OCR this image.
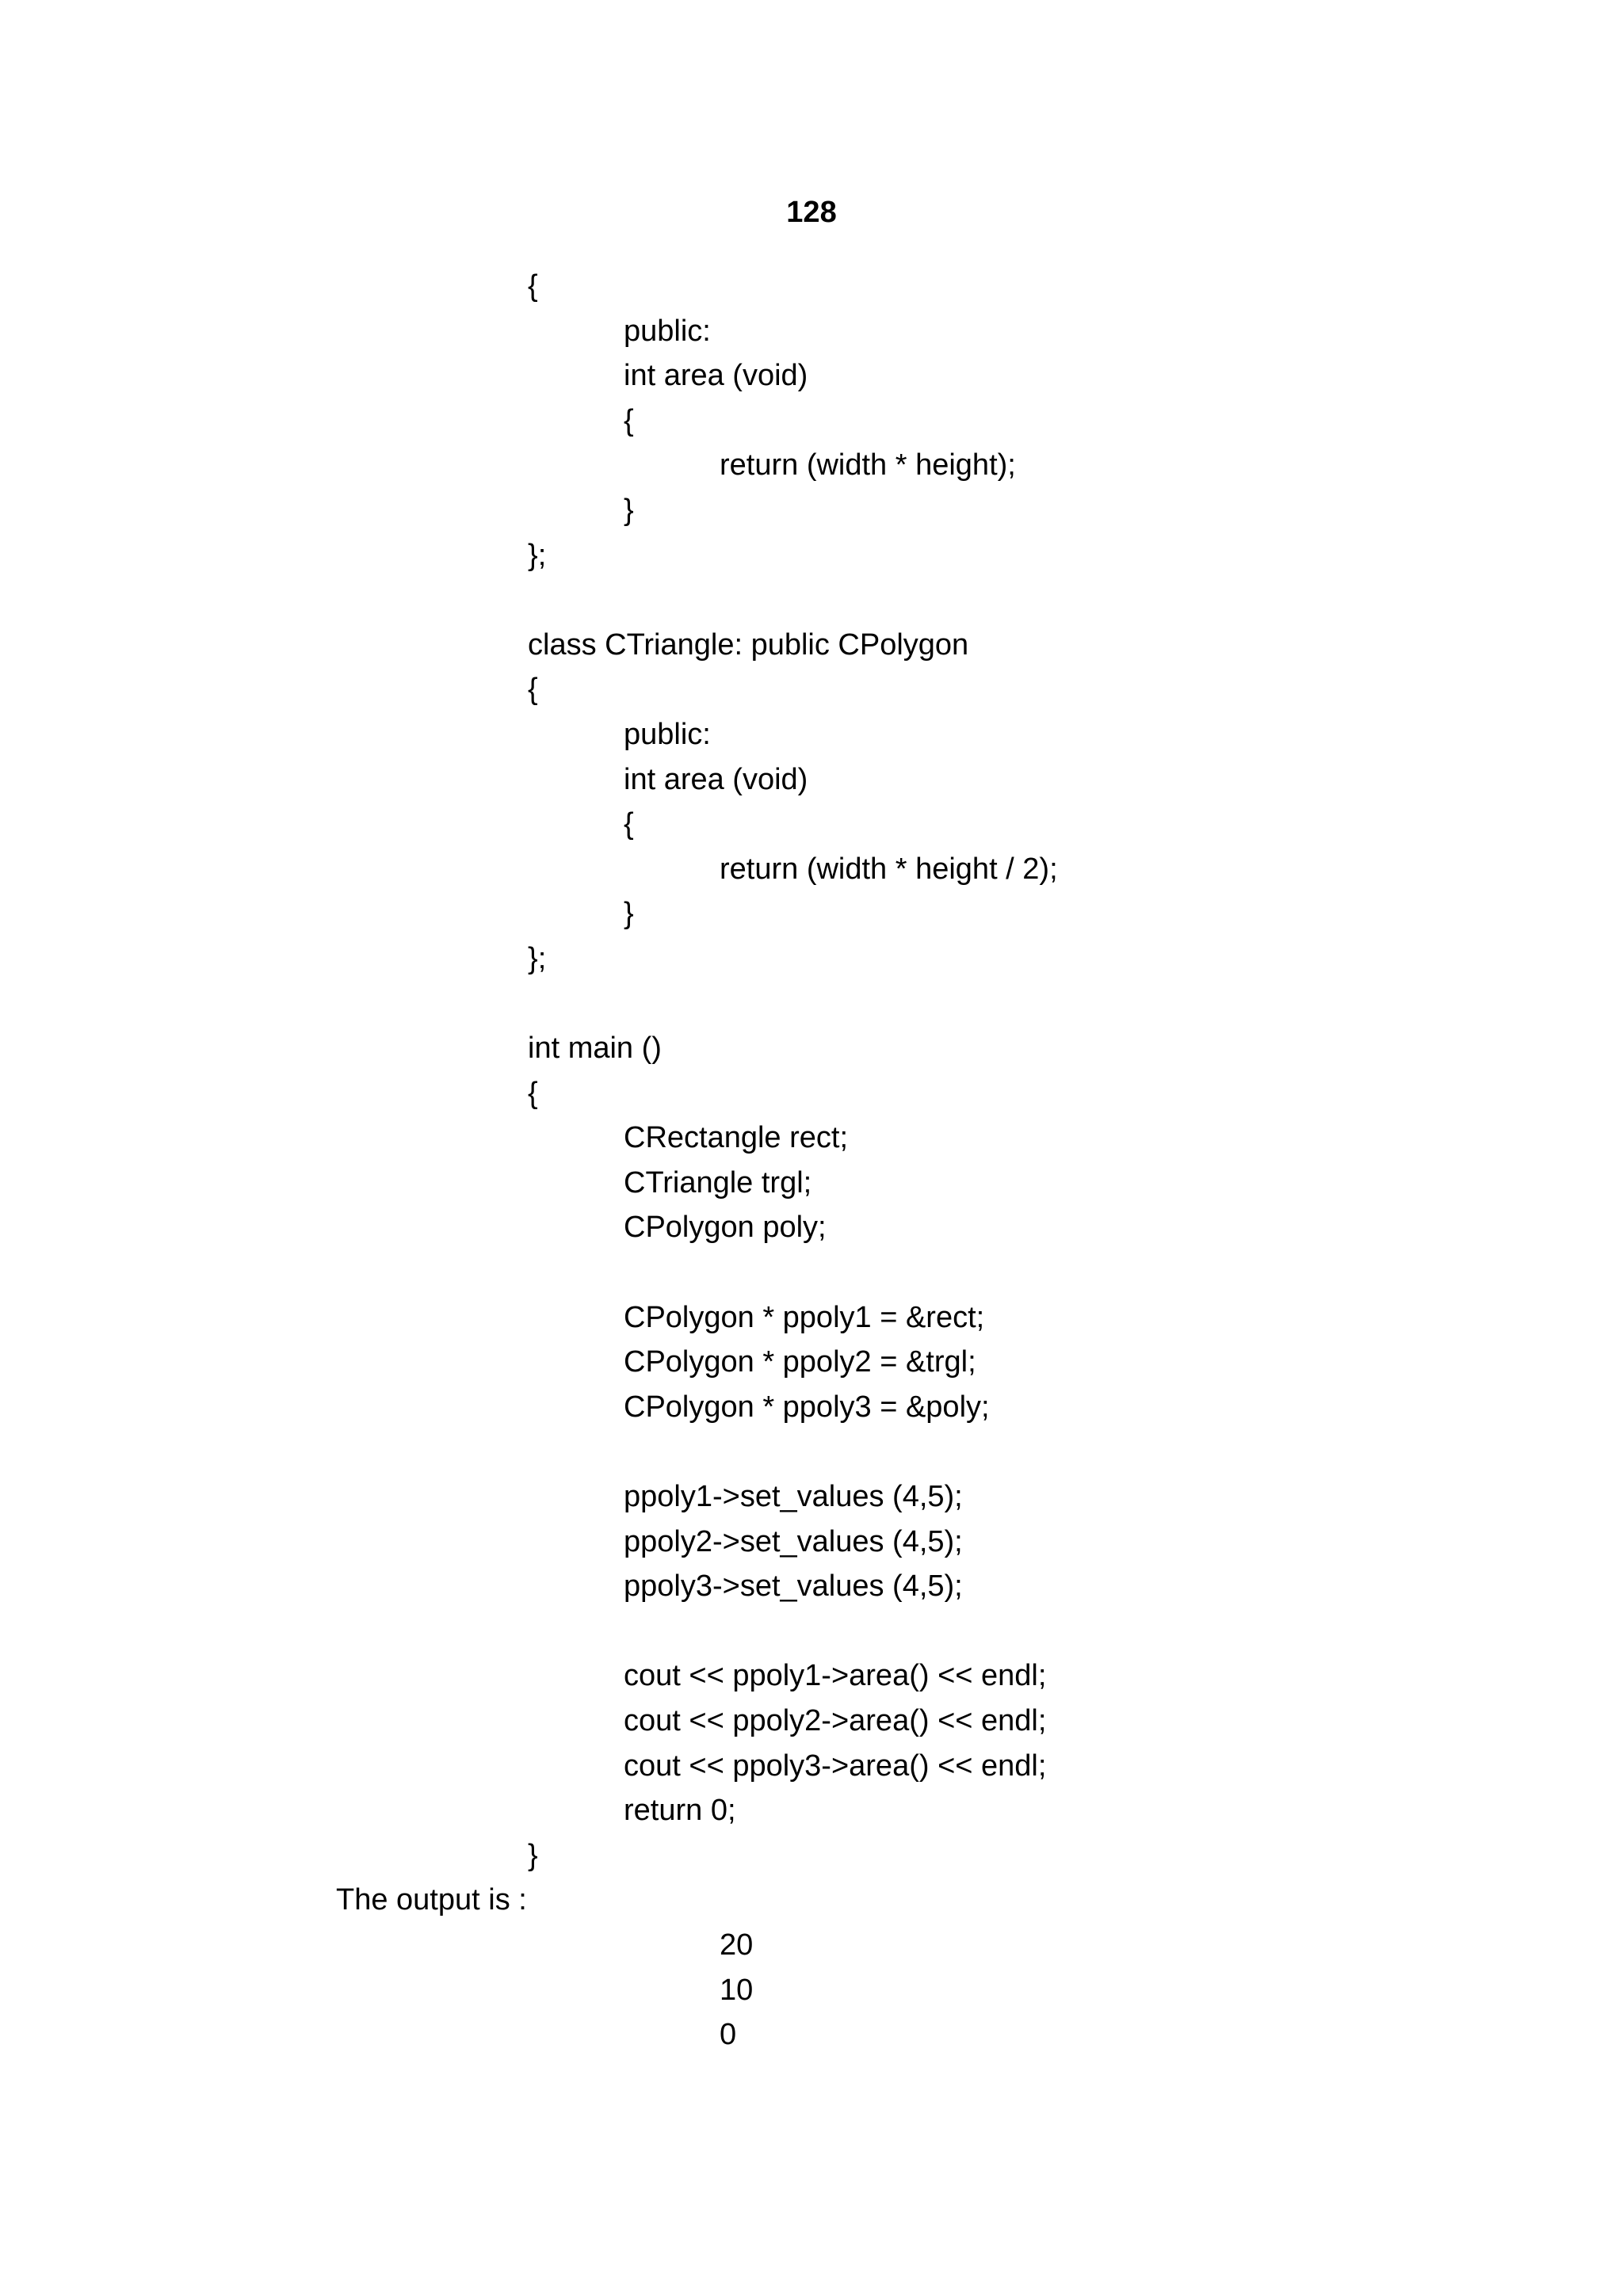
128

{
public:
int area (void)
{
return (width * height);
}
};
class CTriangle: public CPolygon
{
public:
int area (void)
{
return (width * height / 2);
}
};
int main ()
{
CRectangle rect;
CTriangle trgl;
CPolygon poly;
CPolygon * ppoly1 = &rect;
CPolygon * ppoly2 = &trgl;
CPolygon * ppoly3 = &poly;
ppoly1->set_values (4,5);
ppoly2->set_values (4,5);
ppoly3->set_values (4,5);
cout << ppoly1->area() << endl;
cout << ppoly2->area() << endl;
cout << ppoly3->area() << endl;
return 0;
}
The output is :
20
10
0
